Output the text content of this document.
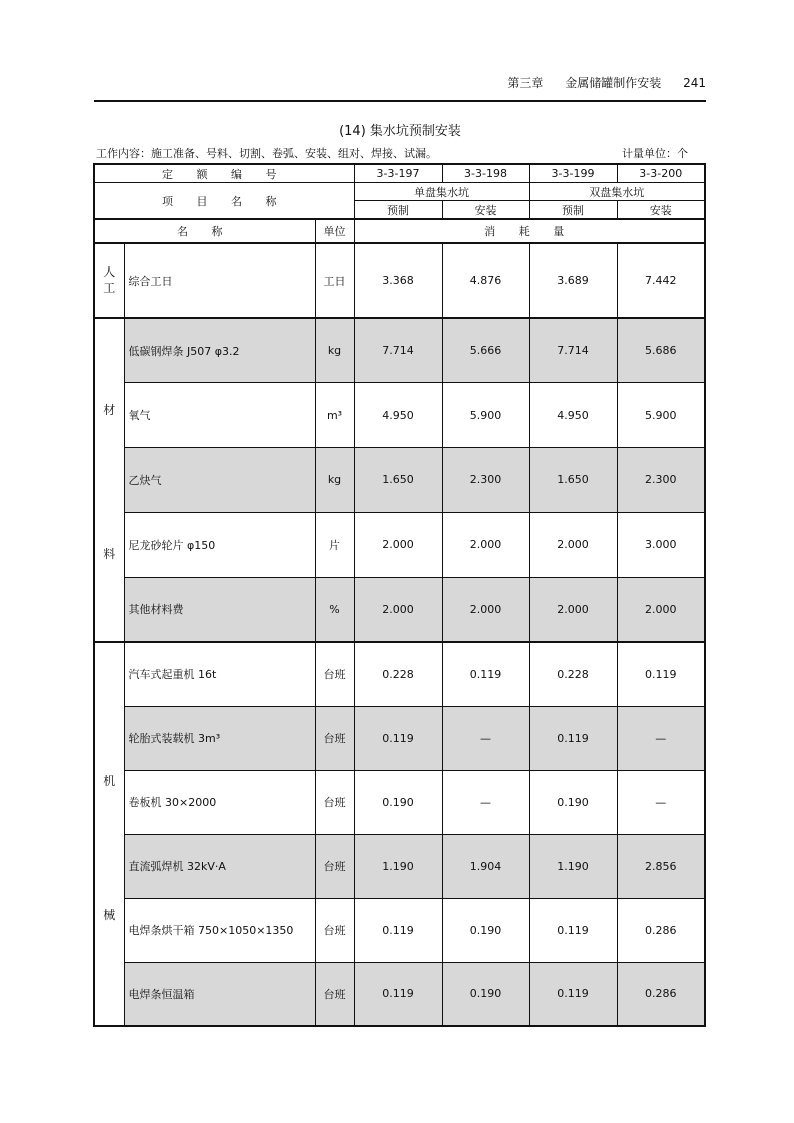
第三章 金属储罐制作安装 241
(14) 集水坑预制安装
工作内容：施工准备、号料、切割、卷弧、安装、组对、焊接、试漏。	计量单位：个
定 额 编 号			3-3-197	3-3-198	3-3-199	3-3-200
项 目 名 称			单盘集水坑		双盘集水坑	
			预制	安装	预制	安装
名 称		单位	消 耗 量			

人
工	综合工日	工日	3.368	4.876	3.689	7.442

材
料	低碳钢焊条 J507 φ3.2	kg	7.714	5.666	7.714	5.686
	氧气	m³	4.950	5.900	4.950	5.900
	乙炔气	kg	1.650	2.300	1.650	2.300
	尼龙砂轮片 φ150	片	2.000	2.000	2.000	3.000
	其他材料费	%	2.000	2.000	2.000	2.000

机
械	汽车式起重机 16t	台班	0.228	0.119	0.228	0.119
	轮胎式装载机 3m³	台班	0.119	—	0.119	—
	卷板机 30×2000	台班	0.190	—	0.190	—
	直流弧焊机 32kV·A	台班	1.190	1.904	1.190	2.856
	电焊条烘干箱 750×1050×1350	台班	0.119	0.190	0.119	0.286
	电焊条恒温箱	台班	0.119	0.190	0.119	0.286
